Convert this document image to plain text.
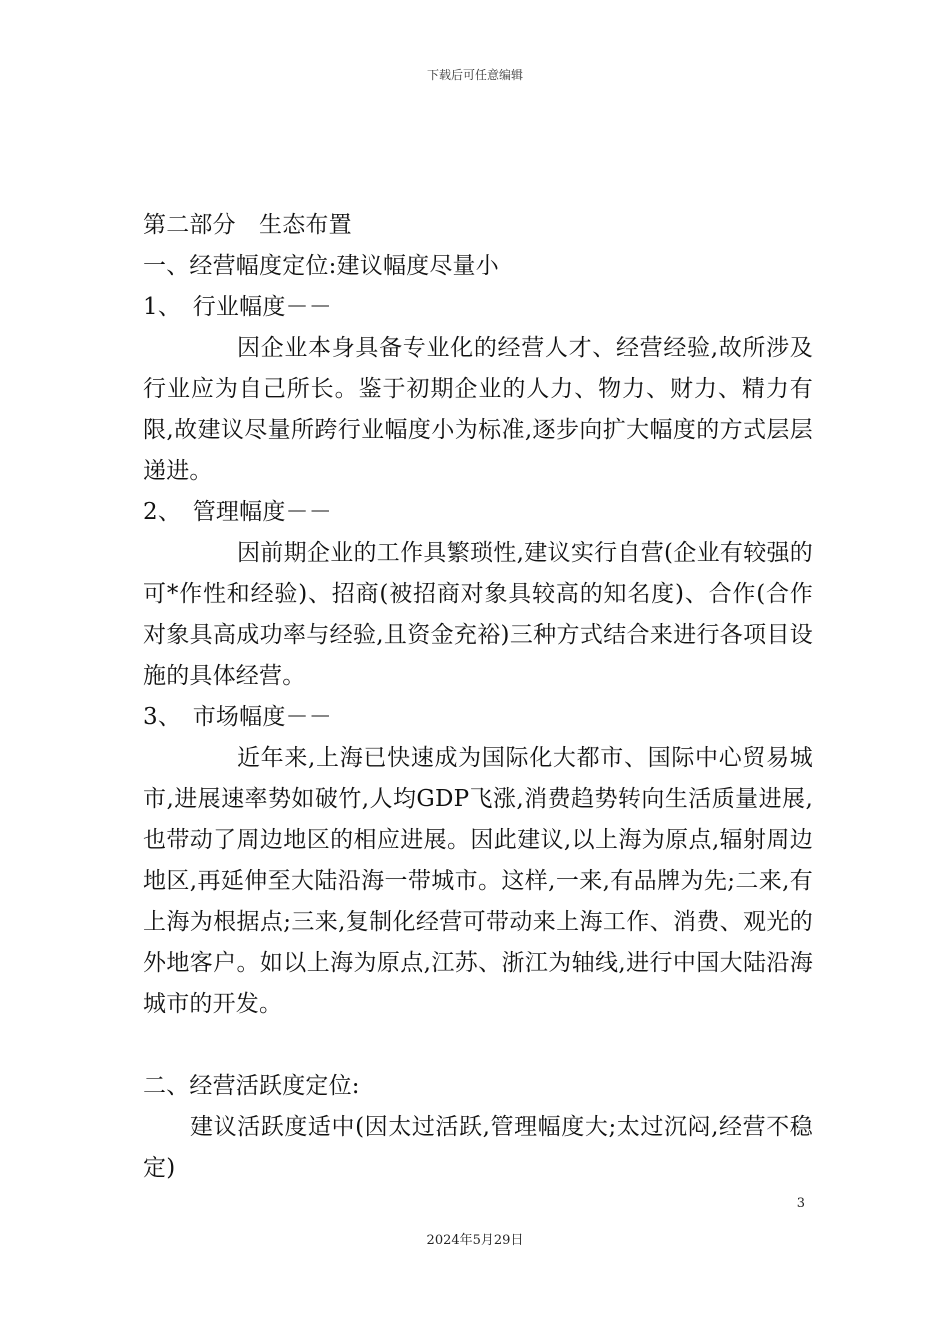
下载后可任意编辑
第二部分　生态布置
一、经营幅度定位:建议幅度尽量小
1、　行业幅度－－
因企业本身具备专业化的经营人才、经营经验,故所涉及行业应为自己所长。鉴于初期企业的人力、物力、财力、精力有限,故建议尽量所跨行业幅度小为标准,逐步向扩大幅度的方式层层递进。
2、　管理幅度－－
因前期企业的工作具繁琐性,建议实行自营(企业有较强的可*作性和经验)、招商(被招商对象具较高的知名度)、合作(合作对象具高成功率与经验,且资金充裕)三种方式结合来进行各项目设施的具体经营。
3、　市场幅度－－
近年来,上海已快速成为国际化大都市、国际中心贸易城市,进展速率势如破竹,人均GDP飞涨,消费趋势转向生活质量进展,也带动了周边地区的相应进展。因此建议,以上海为原点,辐射周边地区,再延伸至大陆沿海一带城市。这样,一来,有品牌为先;二来,有上海为根据点;三来,复制化经营可带动来上海工作、消费、观光的外地客户。如以上海为原点,江苏、浙江为轴线,进行中国大陆沿海城市的开发。
二、经营活跃度定位:
建议活跃度适中(因太过活跃,管理幅度大;太过沉闷,经营不稳定)
3
2024年5月29日
